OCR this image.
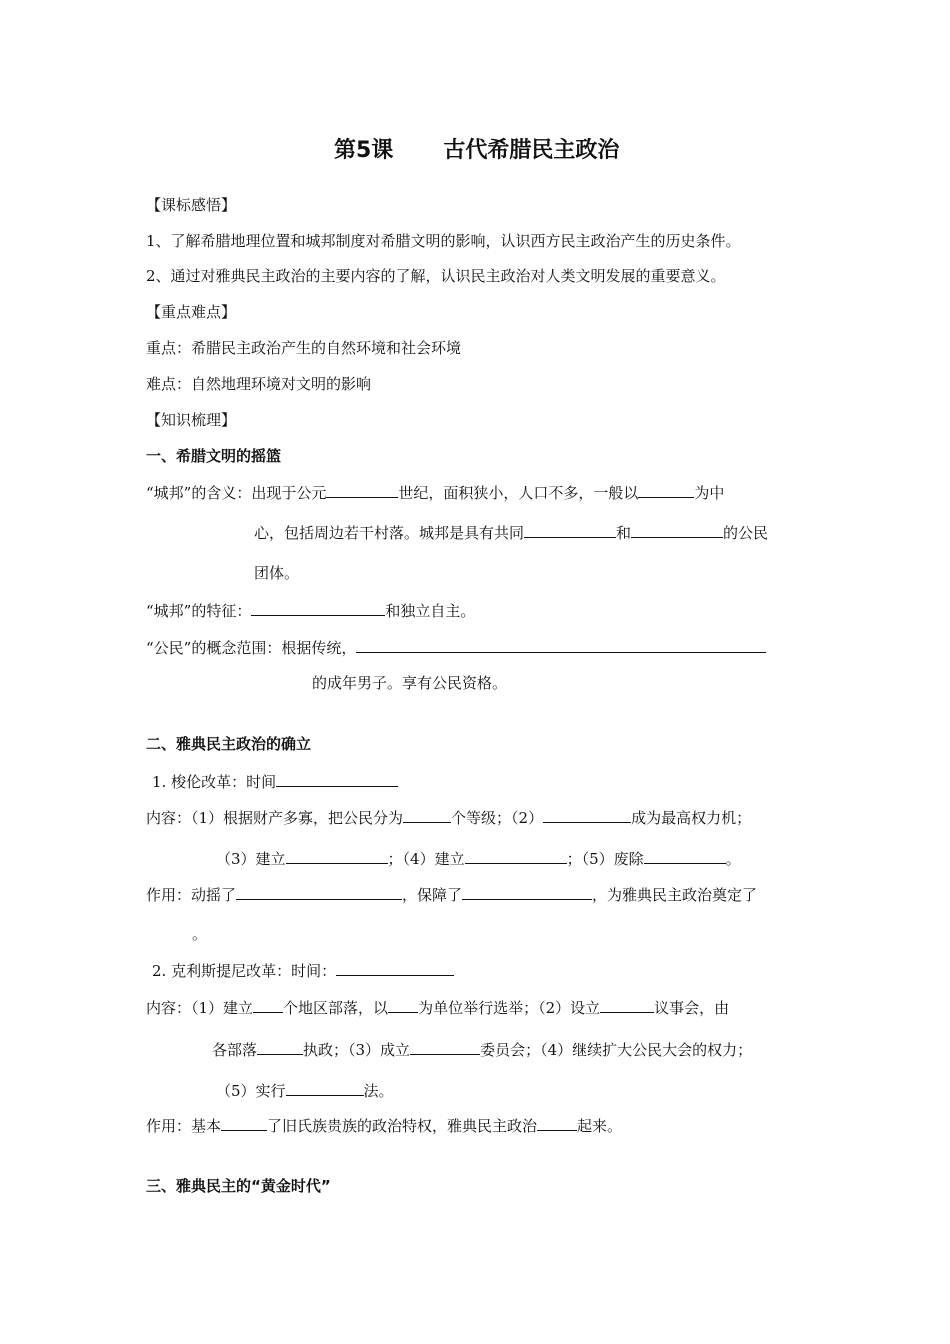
第5课 古代希腊民主政治
【课标感悟】
1、了解希腊地理位置和城邦制度对希腊文明的影响，认识西方民主政治产生的历史条件。
2、通过对雅典民主政治的主要内容的了解，认识民主政治对人类文明发展的重要意义。
【重点难点】
重点：希腊民主政治产生的自然环境和社会环境
难点：自然地理环境对文明的影响
【知识梳理】
一、希腊文明的摇篮
“城邦”的含义：出现于公元	世纪，面积狭小，人口不多，一般以	为中
心，包括周边若干村落。城邦是具有共同	和	的公民
团体。
“城邦”的特征：	和独立自主。
“公民”的概念范围：根据传统，
的成年男子。享有公民资格。
二、雅典民主政治的确立
1. 梭伦改革：时间
内容：（1）根据财产多寡，把公民分为	个等级；（2）	成为最高权力机；
（3）建立	；（4）建立	；（5）废除	。
作用：动摇了	，保障了	，为雅典民主政治奠定了
。
2. 克利斯提尼改革：时间：
内容：（1）建立 个地区部落，以 为单位举行选举；（2）设立	议事会，由
各部落	执政；（3）成立	委员会；（4）继续扩大公民大会的权力；
（5）实行	法。
作用：基本	了旧氏族贵族的政治特权，雅典民主政治	起来。
三、雅典民主的“黄金时代”
